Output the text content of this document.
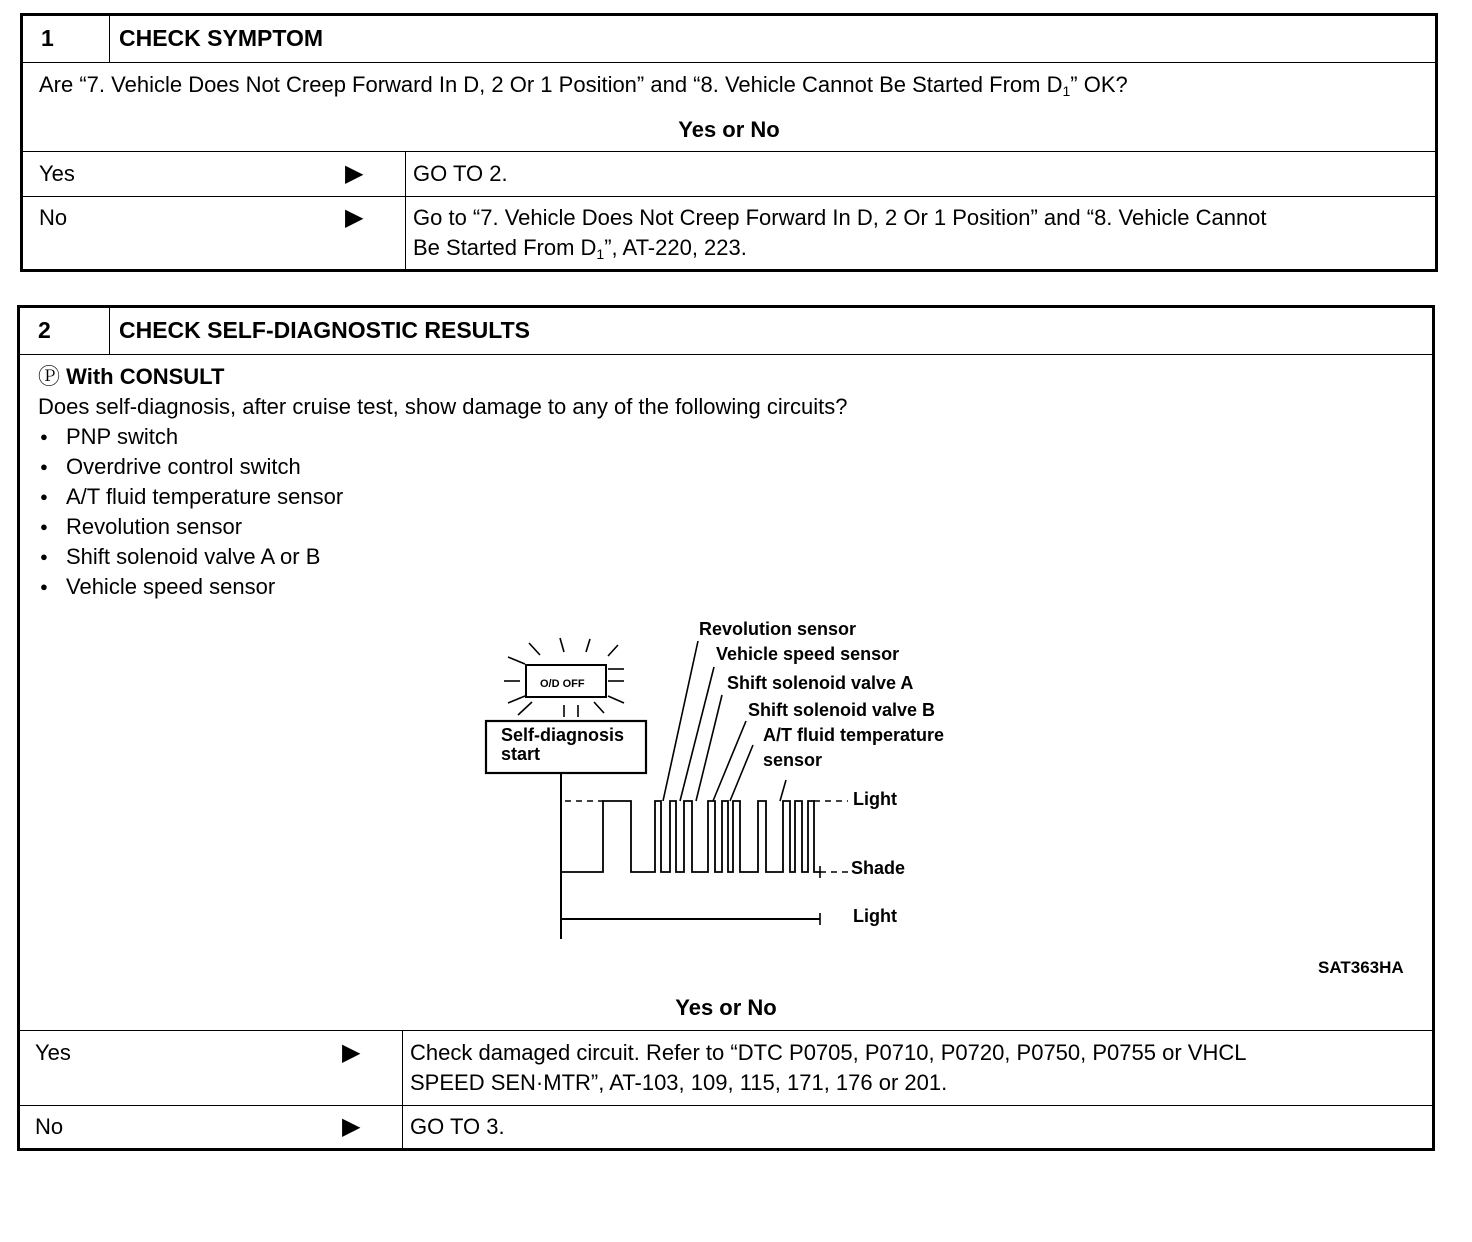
1	CHECK SYMPTOM
Are “7. Vehicle Does Not Creep Forward In D, 2 Or 1 Position” and “8. Vehicle Cannot Be Started From $D_1$” OK?
Yes or No
Yes	▶ GO TO 2.
No	▶ Go to “7. Vehicle Does Not Creep Forward In D, 2 Or 1 Position” and “8. Vehicle Cannot
Be Started From $D_1$”, AT-220, 223.
2	CHECK SELF-DIAGNOSTIC RESULTS
Ⓟ With CONSULT
Does self-diagnosis, after cruise test, show damage to any of the following circuits?
● PNP switch
● Overdrive control switch
● A/T fluid temperature sensor
● Revolution sensor
● Shift solenoid valve A or B
● Vehicle speed sensor
O/D OFF
Self-diagnosis
start
Revolution sensor
Vehicle speed sensor
Shift solenoid valve A
Shift solenoid valve B
A/T fluid temperature
sensor
Light
Shade
Light
SAT363HA
Yes or No
Yes	▶ Check damaged circuit. Refer to “DTC P0705, P0710, P0720, P0750, P0755 or VHCL
SPEED SEN·MTR”, AT-103, 109, 115, 171, 176 or 201.
No	▶ GO TO 3.
